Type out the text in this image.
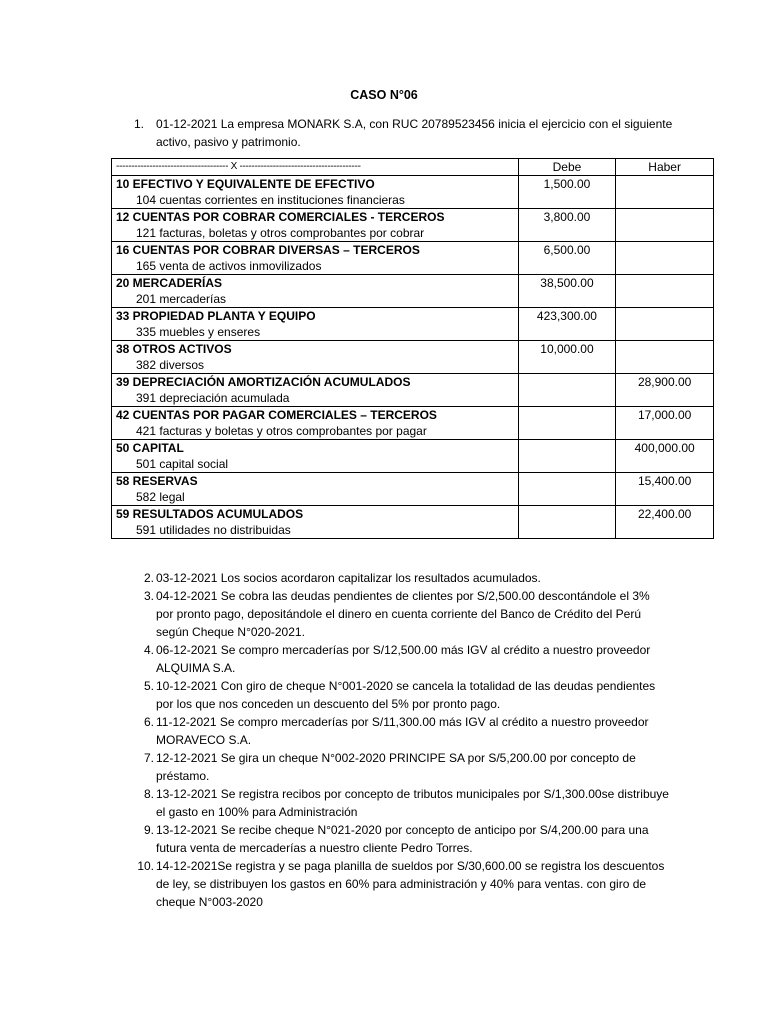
CASO N°06
1. 01-12-2021 La empresa MONARK S.A, con RUC 20789523456 inicia el ejercicio con el siguiente activo, pasivo y patrimonio.
------------------------------------- X ----------------------------------------	Debe	Haber

10 EFECTIVO Y EQUIVALENTE DE EFECTIVO
104 cuentas corrientes en instituciones financieras	1,500.00	

12 CUENTAS POR COBRAR COMERCIALES - TERCEROS
121 facturas, boletas y otros comprobantes por cobrar	3,800.00	

16 CUENTAS POR COBRAR DIVERSAS – TERCEROS
165 venta de activos inmovilizados	6,500.00	

20 MERCADERÍAS
201 mercaderías	38,500.00	

33 PROPIEDAD PLANTA Y EQUIPO
335 muebles y enseres	423,300.00	

38 OTROS ACTIVOS
382 diversos	10,000.00	

39 DEPRECIACIÓN AMORTIZACIÓN ACUMULADOS
391 depreciación acumulada		28,900.00

42 CUENTAS POR PAGAR COMERCIALES – TERCEROS
421 facturas y boletas y otros comprobantes por pagar		17,000.00

50 CAPITAL
501 capital social		400,000.00

58 RESERVAS
582 legal		15,400.00

59 RESULTADOS ACUMULADOS
591 utilidades no distribuidas		22,400.00
2. 03-12-2021 Los socios acordaron capitalizar los resultados acumulados.
3. 04-12-2021 Se cobra las deudas pendientes de clientes por S/2,500.00 descontándole el 3% por pronto pago, depositándole el dinero en cuenta corriente del Banco de Crédito del Perú según Cheque N°020-2021.
4. 06-12-2021 Se compro mercaderías por S/12,500.00 más IGV al crédito a nuestro proveedor ALQUIMA S.A.
5. 10-12-2021 Con giro de cheque N°001-2020 se cancela la totalidad de las deudas pendientes por los que nos conceden un descuento del 5% por pronto pago.
6. 11-12-2021 Se compro mercaderías por S/11,300.00 más IGV al crédito a nuestro proveedor MORAVECO S.A.
7. 12-12-2021 Se gira un cheque N°002-2020 PRINCIPE SA por S/5,200.00 por concepto de préstamo.
8. 13-12-2021 Se registra recibos por concepto de tributos municipales por S/1,300.00se distribuye el gasto en 100% para Administración
9. 13-12-2021 Se recibe cheque N°021-2020 por concepto de anticipo por S/4,200.00 para una futura venta de mercaderías a nuestro cliente Pedro Torres.
10. 14-12-2021Se registra y se paga planilla de sueldos por S/30,600.00 se registra los descuentos de ley, se distribuyen los gastos en 60% para administración y 40% para ventas. con giro de cheque N°003-2020
